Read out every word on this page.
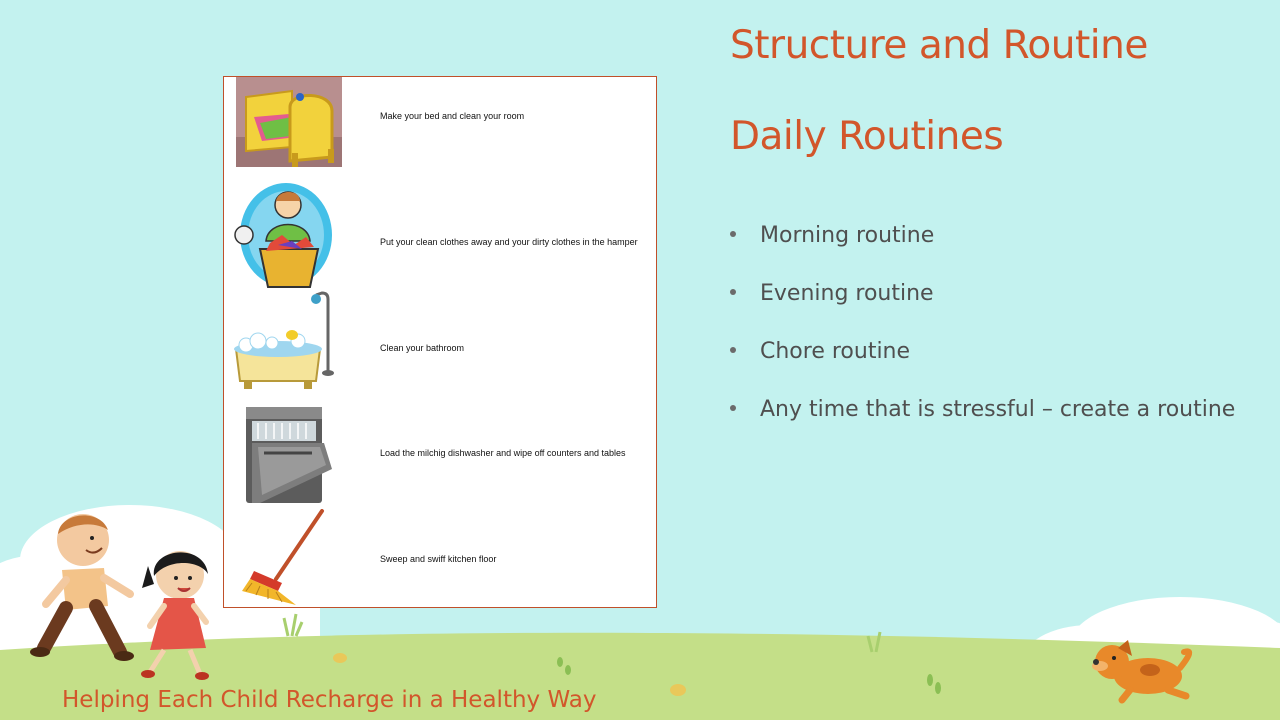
Structure and Routine
Daily Routines
Morning routine
Evening routine
Chore routine
Any time that is stressful – create a routine
Make your bed and clean your room
Put your clean clothes away and your dirty clothes in the hamper
Clean your bathroom
Load the milchig dishwasher and wipe off counters and tables
Sweep and swiff kitchen floor
Helping Each Child Recharge in a Healthy Way
